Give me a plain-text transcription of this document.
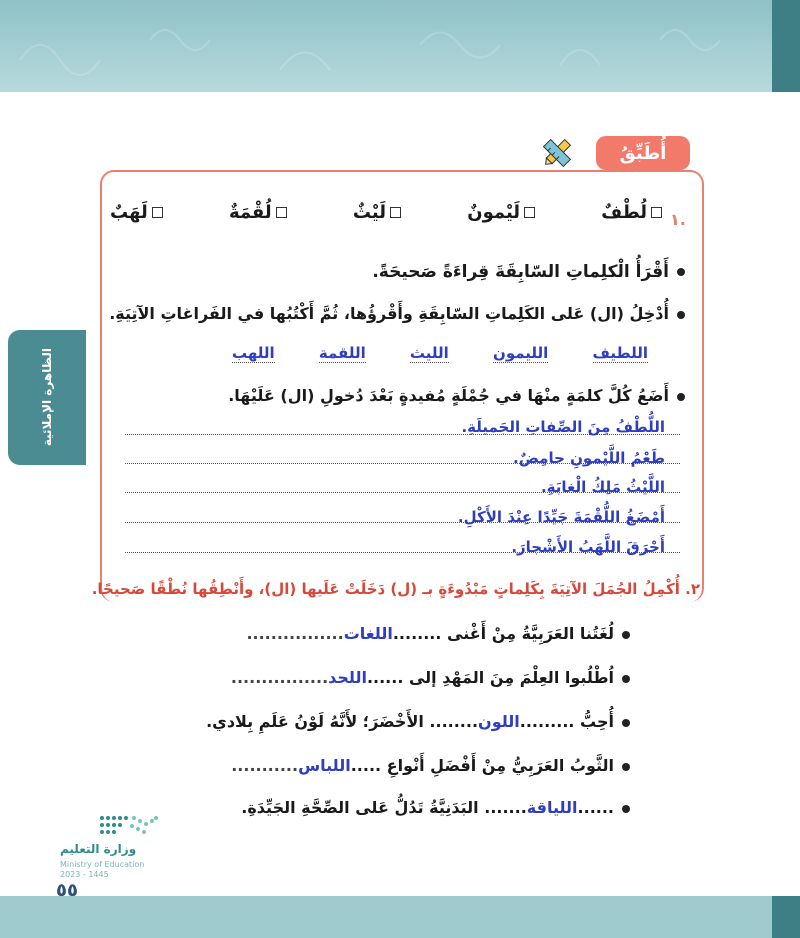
الظاهرة الإملائية
أُطَبِّقُ
١.
لُطْفٌ
لَيْمونٌ
لَيْثٌ
لُقْمَةٌ
لَهَبٌ
أَقْرَأُ الْكلِماتِ السّابِقَةَ قِراءَةً صَحيحَةً.
أُدْخِلُ (ال) عَلى الكَلِماتِ السّابِقَةِ وأَقْرؤُها، ثُمَّ أَكْتُبُها في الفَراغاتِ الآتِيَةِ.
اللطيف
الليمون
الليث
اللقمة
اللهب
أَضَعُ كُلَّ كلمَةٍ منْهَا في جُمْلَةٍ مُفيدةٍ بَعْدَ دُخولِ (ال) عَلَيْهَا.
اللُّطْفُ مِنَ الصِّفاتِ الجَميلَةِ.
طَعْمُ اللَّيْمونِ حامِضٌ.
اللَّيْثُ مَلِكُ الْغابَةِ.
أَمْضَغُ اللُّقْمَةَ جَيِّدًا عِنْدَ الأَكْلِ.
أَحْرَقَ اللَّهَبُ الأَشْجارَ.
٢. أُكْمِلُ الجُمَلَ الآتِيَةَ بِكَلِماتٍ مَبْدُوءَةٍ بـ (ل) دَخَلَتْ عَلَيها (ال)، وأَنْطِقُها نُطْقًا صَحيحًا.
لُغَتُنا العَرَبِيَّةُ مِنْ أَغْنى ........اللغات................
اُطْلُبوا العِلْمَ مِنَ المَهْدِ إلى ......اللحد................
أُحِبُّ .........اللون........ الأَخْضَرَ؛ لأَنَّهُ لَوْنُ عَلَمِ بِلادي.
الثَّوبُ العَرَبِيُّ مِنْ أَفْضَلِ أَنْواعِ .....اللباس...........
......اللياقة....... البَدَنِيَّةُ تَدُلُّ عَلى الصِّحَّةِ الجَيِّدَةِ.
وزارة التعليم
Ministry of Education
2023 - 1445
٥٥
